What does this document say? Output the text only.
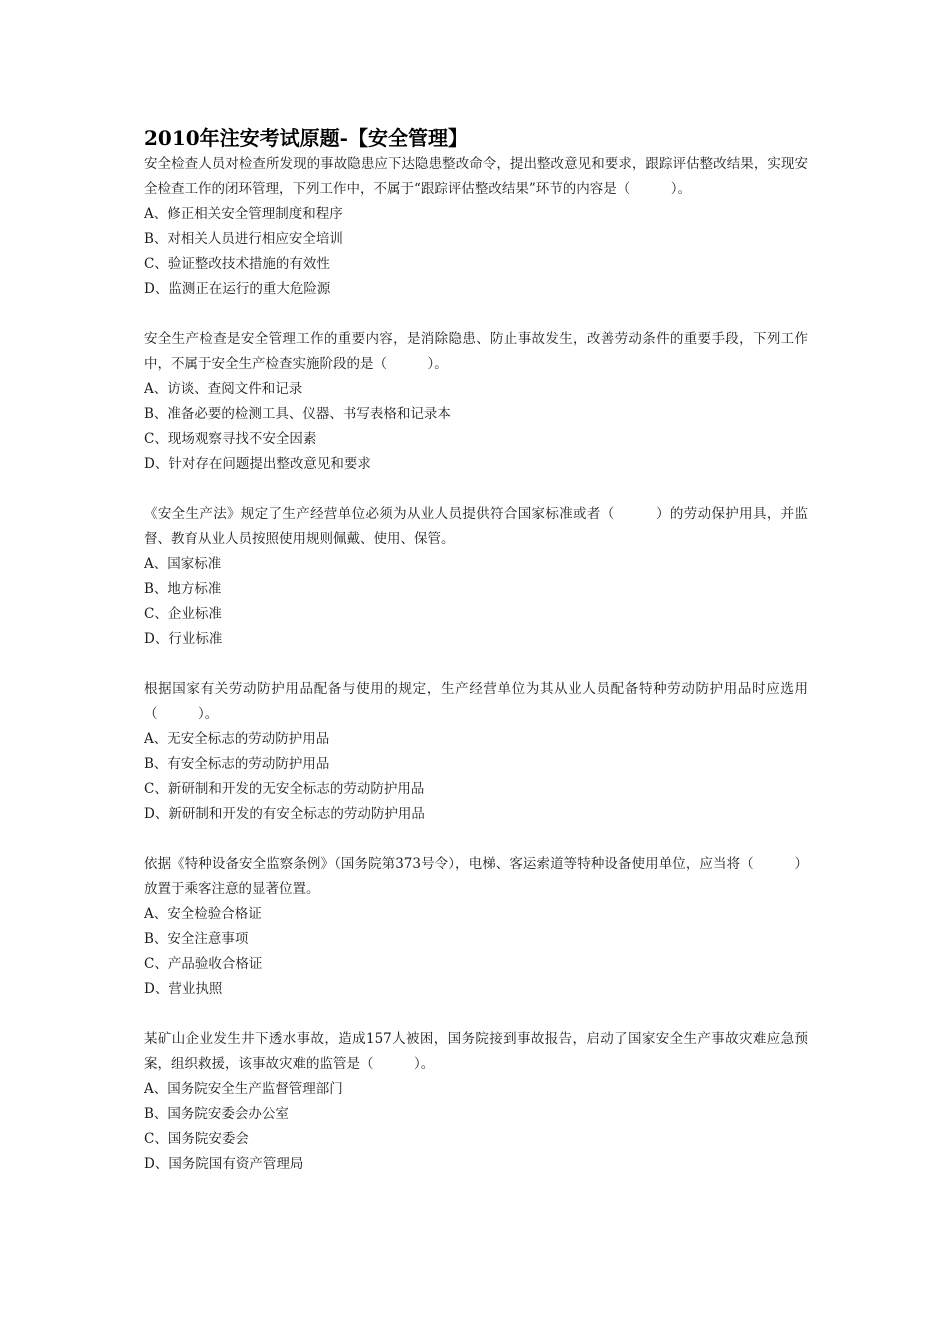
2010年注安考试原题-【安全管理】

安全检查人员对检查所发现的事故隐患应下达隐患整改命令，提出整改意见和要求，跟踪评估整改结果，实现安全检查工作的闭环管理，下列工作中，不属于“跟踪评估整改结果”环节的内容是（　　　）。

A、修正相关安全管理制度和程序
B、对相关人员进行相应安全培训
C、验证整改技术措施的有效性
D、监测正在运行的重大危险源

安全生产检查是安全管理工作的重要内容，是消除隐患、防止事故发生，改善劳动条件的重要手段，下列工作中，不属于安全生产检查实施阶段的是（　　　）。

A、访谈、查阅文件和记录
B、准备必要的检测工具、仪器、书写表格和记录本
C、现场观察寻找不安全因素
D、针对存在问题提出整改意见和要求

《安全生产法》规定了生产经营单位必须为从业人员提供符合国家标准或者（　　　）的劳动保护用具，并监督、教育从业人员按照使用规则佩戴、使用、保管。

A、国家标准
B、地方标准
C、企业标准
D、行业标准

根据国家有关劳动防护用品配备与使用的规定，生产经营单位为其从业人员配备特种劳动防护用品时应选用（　　　）。

A、无安全标志的劳动防护用品
B、有安全标志的劳动防护用品
C、新研制和开发的无安全标志的劳动防护用品
D、新研制和开发的有安全标志的劳动防护用品

依据《特种设备安全监察条例》（国务院第373号令），电梯、客运索道等特种设备使用单位，应当将（　　　）放置于乘客注意的显著位置。

A、安全检验合格证
B、安全注意事项
C、产品验收合格证
D、营业执照

某矿山企业发生井下透水事故，造成157人被困，国务院接到事故报告，启动了国家安全生产事故灾难应急预案，组织救援，该事故灾难的监管是（　　　）。

A、国务院安全生产监督管理部门
B、国务院安委会办公室
C、国务院安委会
D、国务院国有资产管理局
